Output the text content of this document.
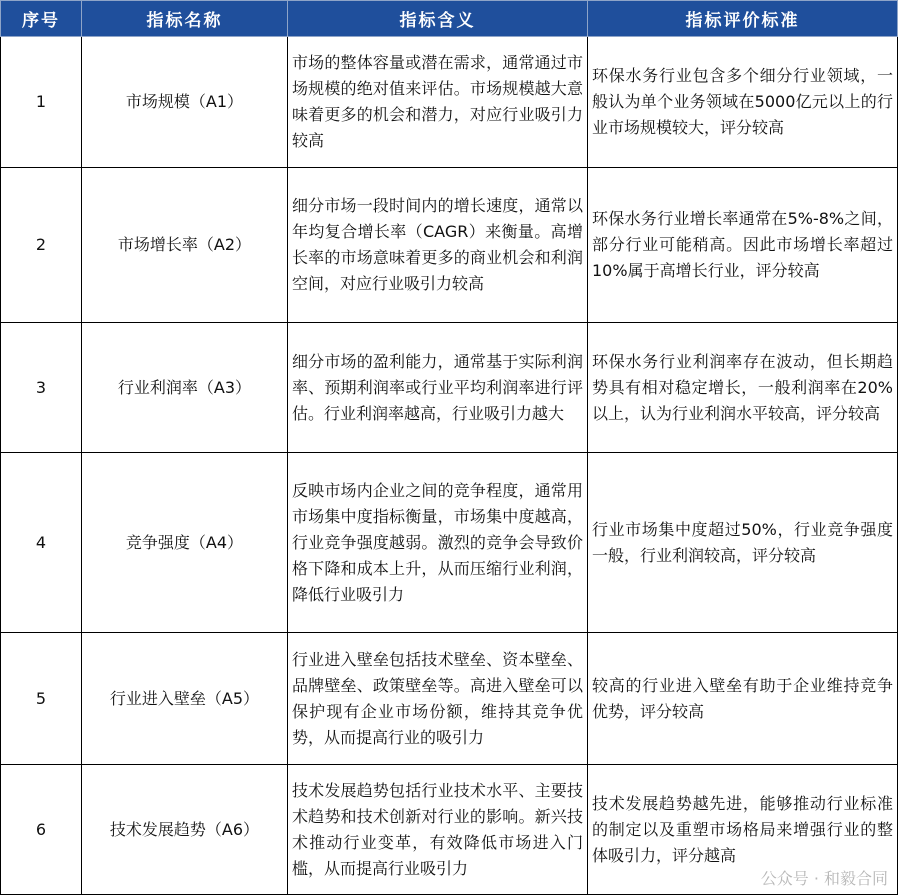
序号	指标名称	指标含义	指标评价标准
1	市场规模（A1）	市场的整体容量或潜在需求，通常通过市场规模的绝对值来评估。市场规模越大意味着更多的机会和潜力，对应行业吸引力较高	环保水务行业包含多个细分行业领域，一般认为单个业务领域在5000亿元以上的行业市场规模较大，评分较高
2	市场增长率（A2）	细分市场一段时间内的增长速度，通常以年均复合增长率（CAGR）来衡量。高增长率的市场意味着更多的商业机会和利润空间，对应行业吸引力较高	环保水务行业增长率通常在5%-8%之间，部分行业可能稍高。因此市场增长率超过10%属于高增长行业，评分较高
3	行业利润率（A3）	细分市场的盈利能力，通常基于实际利润率、预期利润率或行业平均利润率进行评估。行业利润率越高，行业吸引力越大	环保水务行业利润率存在波动，但长期趋势具有相对稳定增长，一般利润率在20%以上，认为行业利润水平较高，评分较高
4	竞争强度（A4）	反映市场内企业之间的竞争程度，通常用市场集中度指标衡量，市场集中度越高，行业竞争强度越弱。激烈的竞争会导致价格下降和成本上升，从而压缩行业利润，降低行业吸引力	行业市场集中度超过50%，行业竞争强度一般，行业利润较高，评分较高
5	行业进入壁垒（A5）	行业进入壁垒包括技术壁垒、资本壁垒、品牌壁垒、政策壁垒等。高进入壁垒可以保护现有企业市场份额，维持其竞争优势，从而提高行业的吸引力	较高的行业进入壁垒有助于企业维持竞争优势，评分较高
6	技术发展趋势（A6）	技术发展趋势包括行业技术水平、主要技术趋势和技术创新对行业的影响。新兴技术推动行业变革，有效降低市场进入门槛，从而提高行业吸引力	技术发展趋势越先进，能够推动行业标准的制定以及重塑市场格局来增强行业的整体吸引力，评分越高
公众号 · 和毅合同
